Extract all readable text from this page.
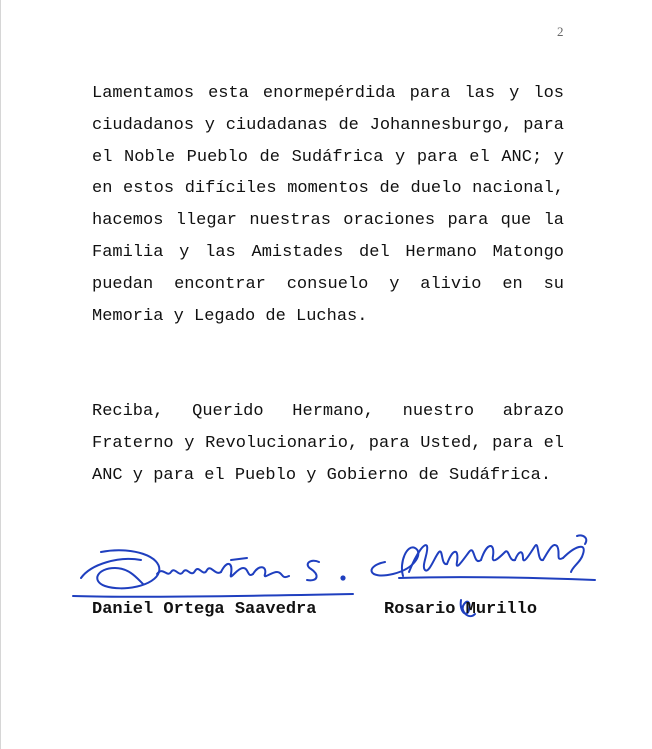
2

Lamentamos esta enormepérdida para las y los ciudadanos y ciudadanas de Johannesburgo, para el Noble Pueblo de Sudáfrica y para el ANC; y en estos difíciles momentos de duelo nacional, hacemos llegar nuestras oraciones para que la Familia y las Amistades del Hermano Matongo puedan encontrar consuelo y alivio en su Memoria y Legado de Luchas.

Reciba, Querido Hermano, nuestro abrazo Fraterno y Revolucionario, para Usted, para el ANC y para el Pueblo y Gobierno de Sudáfrica.

Daniel Ortega Saavedra	Rosario Murillo
